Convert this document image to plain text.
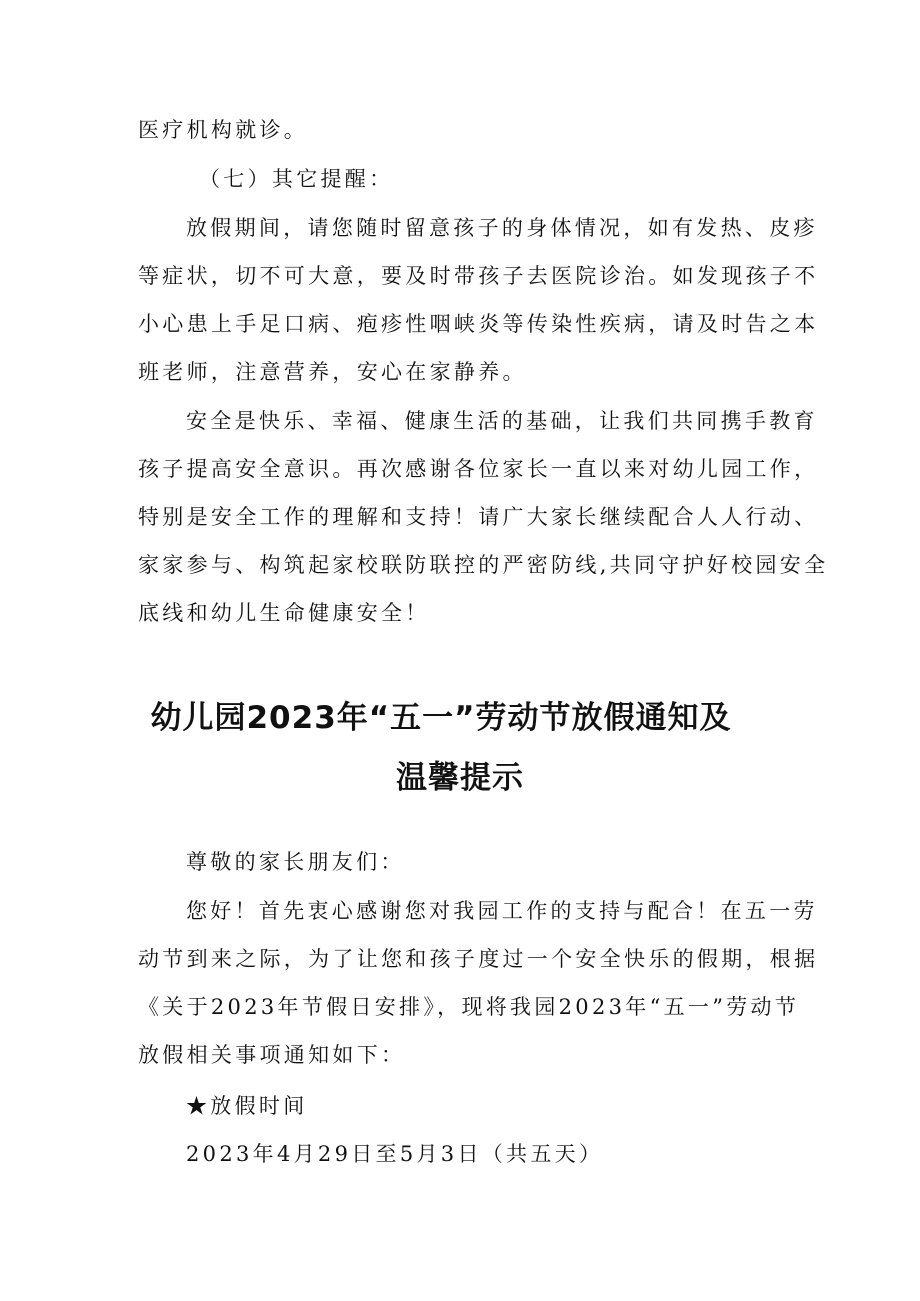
医疗机构就诊。
（七）其它提醒：
放假期间，请您随时留意孩子的身体情况，如有发热、皮疹
等症状，切不可大意，要及时带孩子去医院诊治。如发现孩子不
小心患上手足口病、疱疹性咽峡炎等传染性疾病，请及时告之本
班老师，注意营养，安心在家静养。
安全是快乐、幸福、健康生活的基础，让我们共同携手教育
孩子提高安全意识。再次感谢各位家长一直以来对幼儿园工作，
特别是安全工作的理解和支持！请广大家长继续配合人人行动、
家家参与、构筑起家校联防联控的严密防线,共同守护好校园安全
底线和幼儿生命健康安全！
幼儿园2023年“五一”劳动节放假通知及
温馨提示
尊敬的家长朋友们：
您好！首先衷心感谢您对我园工作的支持与配合！在五一劳
动节到来之际，为了让您和孩子度过一个安全快乐的假期，根据
《关于2023年节假日安排》，现将我园2023年“五一”劳动节
放假相关事项通知如下：
★放假时间
2023年4月29日至5月3日（共五天）
